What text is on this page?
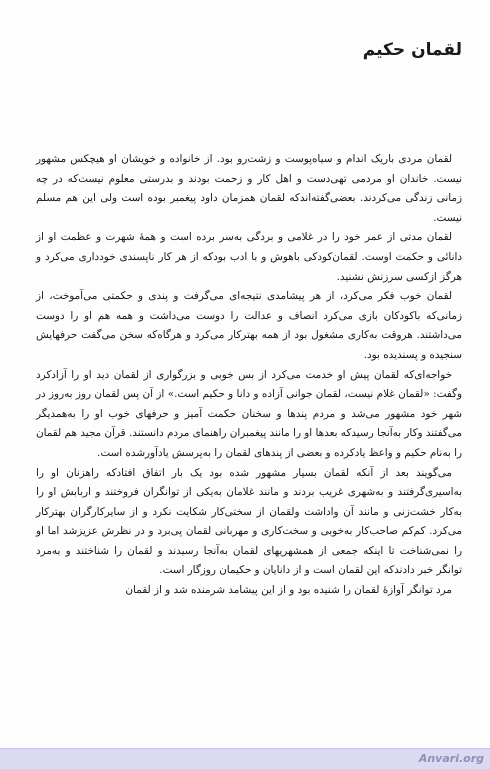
لقمان حکیم

لقمان مردی باریک اندام و سیاه‌پوست و زشت‌رو بود. از خانواده و خویشان او هیچکس مشهور نیست. خاندان او مردمی تهی‌دست و اهل کار و زحمت بودند و بدرستی معلوم نیست‌که در چه زمانی زندگی می‌کردند. بعضی‌گفته‌اند‌که لقمان همزمان داود پیغمبر بوده است ولی این هم مسلم نیست.

لقمان مدتی از عمر خود را در غلامی و بردگی به‌سر برده است و همهٔ شهرت و عظمت او از دانائی و حکمت اوست. لقمان‌کودکی باهوش و با ادب بود‌که از هر کار ناپسندی خودداری می‌کرد و هرگز ازکسی سرزنش نشنید.

لقمان خوب فکر می‌کرد، از هر پیشامدی نتیجه‌ای می‌گرفت و پندی و حکمتی می‌آموخت، از زمانی‌که با‌کودکان بازی می‌کرد انصاف و عدالت را دوست می‌داشت و همه هم او را دوست می‌داشتند. هروقت به‌کاری مشغول بود از همه بهتر‌کار می‌کرد و هرگاه‌که سخن می‌گفت حرفهایش سنجیده و پسندیده بود.

خواجه‌ای‌که لقمان پیش او خدمت می‌کرد از بس خوبی و بزرگواری از لقمان دید او را آزاد‌کرد وگفت: «لقمان غلام نیست، لقمان جوانی آزاده و دانا و حکیم است.» از آن پس لقمان روز به‌روز در شهر خود مشهور می‌شد و مردم پندها و سخنان حکمت آمیز و حرفهای خوب او را به‌همدیگر می‌گفتند و‌کار به‌آنجا رسید‌که بعدها او را مانند پیغمبران راهنمای مردم دانستند. قرآن مجید هم لقمان را به‌نام حکیم و واعظ یاد‌کرده و بعضی از پندهای لقمان را به‌پرسش یادآورشده است.

می‌گویند بعد از آنکه لقمان بسیار مشهور شده بود یک بار اتفاق افتاد‌که راهزنان او را به‌اسیری‌گرفتند و به‌شهری غریب بردند و مانند غلامان به‌یکی از توانگران فروختند و اربابش او را به‌کار خشت‌زنی و مانند آن واداشت ولقمان از سختی‌کار شکایت نکرد و از سایر‌کارگران بهتر‌کار می‌کرد. کم‌کم صاحب‌کار به‌خوبی و سخت‌کاری و مهربانی لقمان پی‌برد و در نظرش عزیزشد اما او را نمی‌شناخت تا اینکه جمعی از همشهریهای لقمان به‌آنجا رسیدند و لقمان را شناختند و به‌مرد توانگر خبر دادند‌که این لقمان است و از دانایان و حکیمان روزگار است.

مرد توانگر آوازهٔ لقمان را شنیده بود و از این پیشامد شرمنده شد و از لقمان

Anvari.org
